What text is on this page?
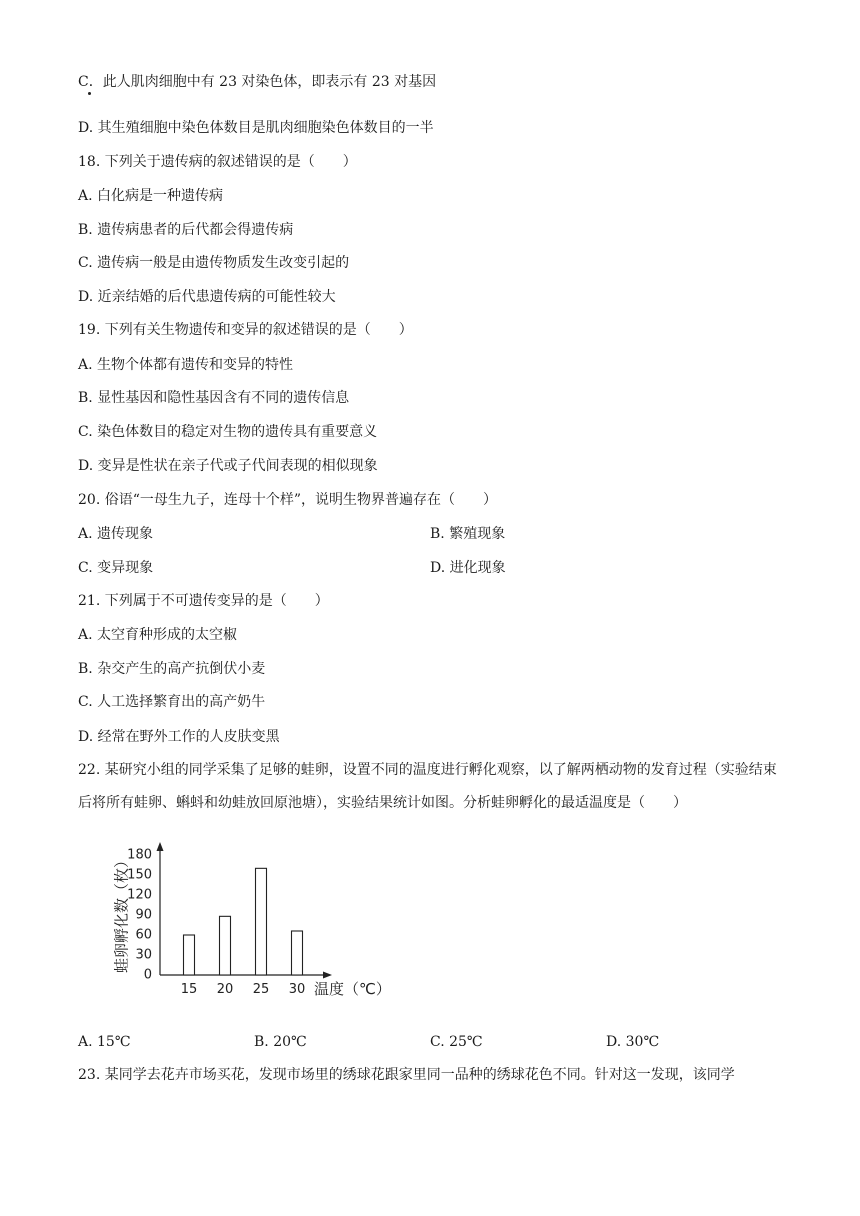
C．此人肌肉细胞中有 23 对染色体，即表示有 23 对基因
D. 其生殖细胞中染色体数目是肌肉细胞染色体数目的一半
18. 下列关于遗传病的叙述错误的是（　　）
A. 白化病是一种遗传病
B. 遗传病患者的后代都会得遗传病
C. 遗传病一般是由遗传物质发生改变引起的
D. 近亲结婚的后代患遗传病的可能性较大
19. 下列有关生物遗传和变异的叙述错误的是（　　）
A. 生物个体都有遗传和变异的特性
B. 显性基因和隐性基因含有不同的遗传信息
C. 染色体数目的稳定对生物的遗传具有重要意义
D. 变异是性状在亲子代或子代间表现的相似现象
20. 俗语“一母生九子，连母十个样”，说明生物界普遍存在（　　）
A. 遗传现象	B. 繁殖现象
C. 变异现象	D. 进化现象
21. 下列属于不可遗传变异的是（　　）
A. 太空育种形成的太空椒
B. 杂交产生的高产抗倒伏小麦
C. 人工选择繁育出的高产奶牛
D. 经常在野外工作的人皮肤变黑
22. 某研究小组的同学采集了足够的蛙卵，设置不同的温度进行孵化观察，以了解两栖动物的发育过程（实验结束后将所有蛙卵、蝌蚪和幼蛙放回原池塘），实验结果统计如图。分析蛙卵孵化的最适温度是（　　）
0
30
60
90
120
150
180
15 20 25 30
蛙卵孵化数（枚）
温度（℃）
A. 15℃	B. 20℃	C. 25℃	D. 30℃
23. 某同学去花卉市场买花，发现市场里的绣球花跟家里同一品种的绣球花色不同。针对这一发现，该同学
